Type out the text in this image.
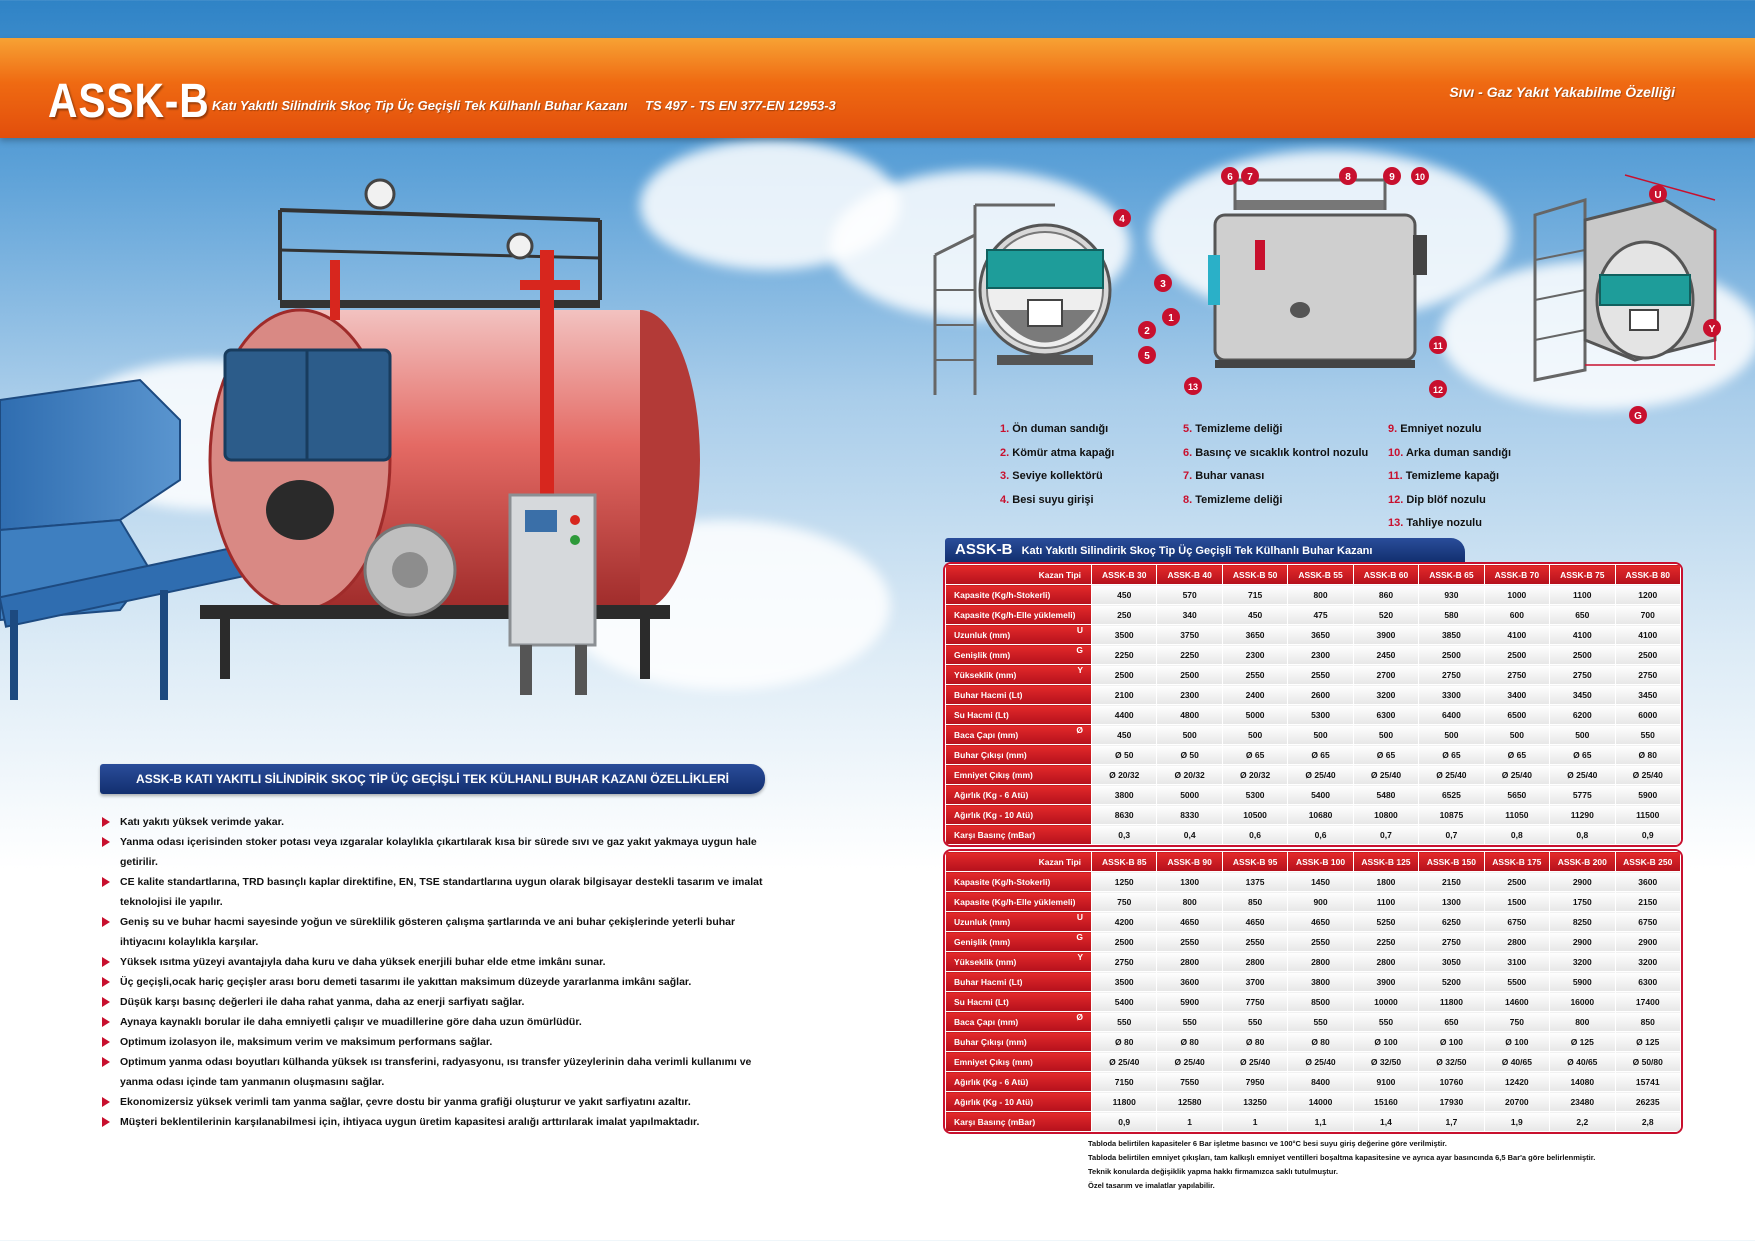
ASSK-B Katı Yakıtlı Silindirik Skoç Tip Üç Geçişli Tek Külhanlı Buhar Kazanı TS 497 - TS EN 377-EN 12953-3
Sıvı - Gaz Yakıt Yakabilme Özelliği
ASSK-B KATI YAKITLI SİLİNDİRİK SKOÇ TİP ÜÇ GEÇİŞLİ TEK KÜLHANLI BUHAR KAZANI ÖZELLİKLERİ
Katı yakıtı yüksek verimde yakar.
Yanma odası içerisinden stoker potası veya ızgaralar kolaylıkla çıkartılarak kısa bir sürede sıvı ve gaz yakıt yakmaya uygun hale getirilir.
CE kalite standartlarına, TRD basınçlı kaplar direktifine, EN, TSE standartlarına uygun olarak bilgisayar destekli tasarım ve imalat teknolojisi ile yapılır.
Geniş su ve buhar hacmi sayesinde yoğun ve süreklilik gösteren çalışma şartlarında ve ani buhar çekişlerinde yeterli buhar ihtiyacını kolaylıkla karşılar.
Yüksek ısıtma yüzeyi avantajıyla daha kuru ve daha yüksek enerjili buhar elde etme imkânı sunar.
Üç geçişli,ocak hariç geçişler arası boru demeti tasarımı ile yakıttan maksimum düzeyde yararlanma imkânı sağlar.
Düşük karşı basınç değerleri ile daha rahat yanma, daha az enerji sarfiyatı sağlar.
Aynaya kaynaklı borular ile daha emniyetli çalışır ve muadillerine göre daha uzun ömürlüdür.
Optimum izolasyon ile, maksimum verim ve maksimum performans sağlar.
Optimum yanma odası boyutları külhanda yüksek ısı transferini, radyasyonu, ısı transfer yüzeylerinin daha verimli kullanımı ve yanma odası içinde tam yanmanın oluşmasını sağlar.
Ekonomizersiz yüksek verimli tam yanma sağlar, çevre dostu bir yanma grafiği oluşturur ve yakıt sarfiyatını azaltır.
Müşteri beklentilerinin karşılanabilmesi için, ihtiyaca uygun üretim kapasitesi aralığı arttırılarak imalat yapılmaktadır.
4
3
2
5
1
6 7	8	9 10
11
12
13
U
Y
G
1. Ön duman sandığı
2. Kömür atma kapağı
3. Seviye kollektörü
4. Besi suyu girişi
5. Temizleme deliği
6. Basınç ve sıcaklık kontrol nozulu
7. Buhar vanası
8. Temizleme deliği
9. Emniyet nozulu
10. Arka duman sandığı
11. Temizleme kapağı
12. Dip blöf nozulu
13. Tahliye nozulu
ASSK-B Katı Yakıtlı Silindirik Skoç Tip Üç Geçişli Tek Külhanlı Buhar Kazanı
Kazan Tipi	ASSK-B 30	ASSK-B 40	ASSK-B 50	ASSK-B 55	ASSK-B 60	ASSK-B 65	ASSK-B 70	ASSK-B 75	ASSK-B 80
Kapasite (Kg/h-Stokerli)	450	570	715	800	860	930	1000	1100	1200
Kapasite (Kg/h-Elle yüklemeli)	250	340	450	475	520	580	600	650	700
Uzunluk (mm) U	3500	3750	3650	3650	3900	3850	4100	4100	4100
Genişlik (mm) G	2250	2250	2300	2300	2450	2500	2500	2500	2500
Yükseklik (mm) Y	2500	2500	2550	2550	2700	2750	2750	2750	2750
Buhar Hacmi (Lt)	2100	2300	2400	2600	3200	3300	3400	3450	3450
Su Hacmi (Lt)	4400	4800	5000	5300	6300	6400	6500	6200	6000
Baca Çapı (mm) Ø	450	500	500	500	500	500	500	500	550
Buhar Çıkışı (mm)	Ø 50	Ø 50	Ø 65	Ø 65	Ø 65	Ø 65	Ø 65	Ø 65	Ø 80
Emniyet Çıkış (mm)	Ø 20/32	Ø 20/32	Ø 20/32	Ø 25/40	Ø 25/40	Ø 25/40	Ø 25/40	Ø 25/40	Ø 25/40
Ağırlık (Kg - 6 Atü)	3800	5000	5300	5400	5480	6525	5650	5775	5900
Ağırlık (Kg - 10 Atü)	8630	8330	10500	10680	10800	10875	11050	11290	11500
Karşı Basınç (mBar)	0,3	0,4	0,6	0,6	0,7	0,7	0,8	0,8	0,9
Kazan Tipi	ASSK-B 85	ASSK-B 90	ASSK-B 95	ASSK-B 100	ASSK-B 125	ASSK-B 150	ASSK-B 175	ASSK-B 200	ASSK-B 250
Kapasite (Kg/h-Stokerli)	1250	1300	1375	1450	1800	2150	2500	2900	3600
Kapasite (Kg/h-Elle yüklemeli)	750	800	850	900	1100	1300	1500	1750	2150
Uzunluk (mm) U	4200	4650	4650	4650	5250	6250	6750	8250	6750
Genişlik (mm) G	2500	2550	2550	2550	2250	2750	2800	2900	2900
Yükseklik (mm) Y	2750	2800	2800	2800	2800	3050	3100	3200	3200
Buhar Hacmi (Lt)	3500	3600	3700	3800	3900	5200	5500	5900	6300
Su Hacmi (Lt)	5400	5900	7750	8500	10000	11800	14600	16000	17400
Baca Çapı (mm) Ø	550	550	550	550	550	650	750	800	850
Buhar Çıkışı (mm)	Ø 80	Ø 80	Ø 80	Ø 80	Ø 100	Ø 100	Ø 100	Ø 125	Ø 125
Emniyet Çıkış (mm)	Ø 25/40	Ø 25/40	Ø 25/40	Ø 25/40	Ø 32/50	Ø 32/50	Ø 40/65	Ø 40/65	Ø 50/80
Ağırlık (Kg - 6 Atü)	7150	7550	7950	8400	9100	10760	12420	14080	15741
Ağırlık (Kg - 10 Atü)	11800	12580	13250	14000	15160	17930	20700	23480	26235
Karşı Basınç (mBar)	0,9	1	1	1,1	1,4	1,7	1,9	2,2	2,8

Tabloda belirtilen kapasiteler 6 Bar işletme basıncı ve 100°C besi suyu giriş değerine göre verilmiştir.

Tabloda belirtilen emniyet çıkışları, tam kalkışlı emniyet ventilleri boşaltma kapasitesine ve ayrıca ayar basıncında 6,5 Bar'a göre belirlenmiştir.

Teknik konularda değişiklik yapma hakkı firmamızca saklı tutulmuştur.

Özel tasarım ve imalatlar yapılabilir.
